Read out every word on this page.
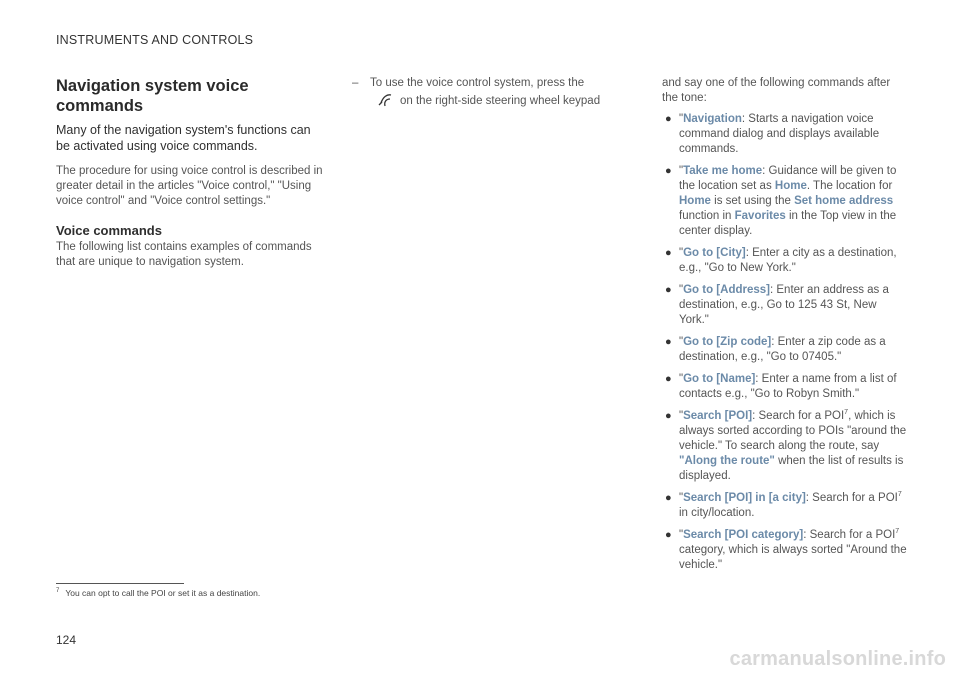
INSTRUMENTS AND CONTROLS
Navigation system voice commands
Many of the navigation system's functions can be activated using voice commands.
The procedure for using voice control is described in greater detail in the articles "Voice control," "Using voice control" and "Voice control settings."
Voice commands
The following list contains examples of commands that are unique to navigation system.
– To use the voice control system, press the
on the right-side steering wheel keypad
and say one of the following commands after the tone:
● "Navigation: Starts a navigation voice command dialog and displays available commands.
● "Take me home: Guidance will be given to the location set as Home. The location for Home is set using the Set home address function in Favorites in the Top view in the center display.
● "Go to [City]: Enter a city as a destination, e.g., "Go to New York."
● "Go to [Address]: Enter an address as a destination, e.g., Go to 125 43 St, New York."
● "Go to [Zip code]: Enter a zip code as a destination, e.g., "Go to 07405."
● "Go to [Name]: Enter a name from a list of contacts e.g., "Go to Robyn Smith."
● "Search [POI]: Search for a POI$^7$, which is always sorted according to POIs "around the vehicle." To search along the route, say "Along the route" when the list of results is displayed.
● "Search [POI] in [a city]: Search for a POI$^7$ in city/location.
● "Search [POI category]: Search for a POI$^7$ category, which is always sorted "Around the vehicle."
$^7$ You can opt to call the POI or set it as a destination.
124
carmanualsonline.info
